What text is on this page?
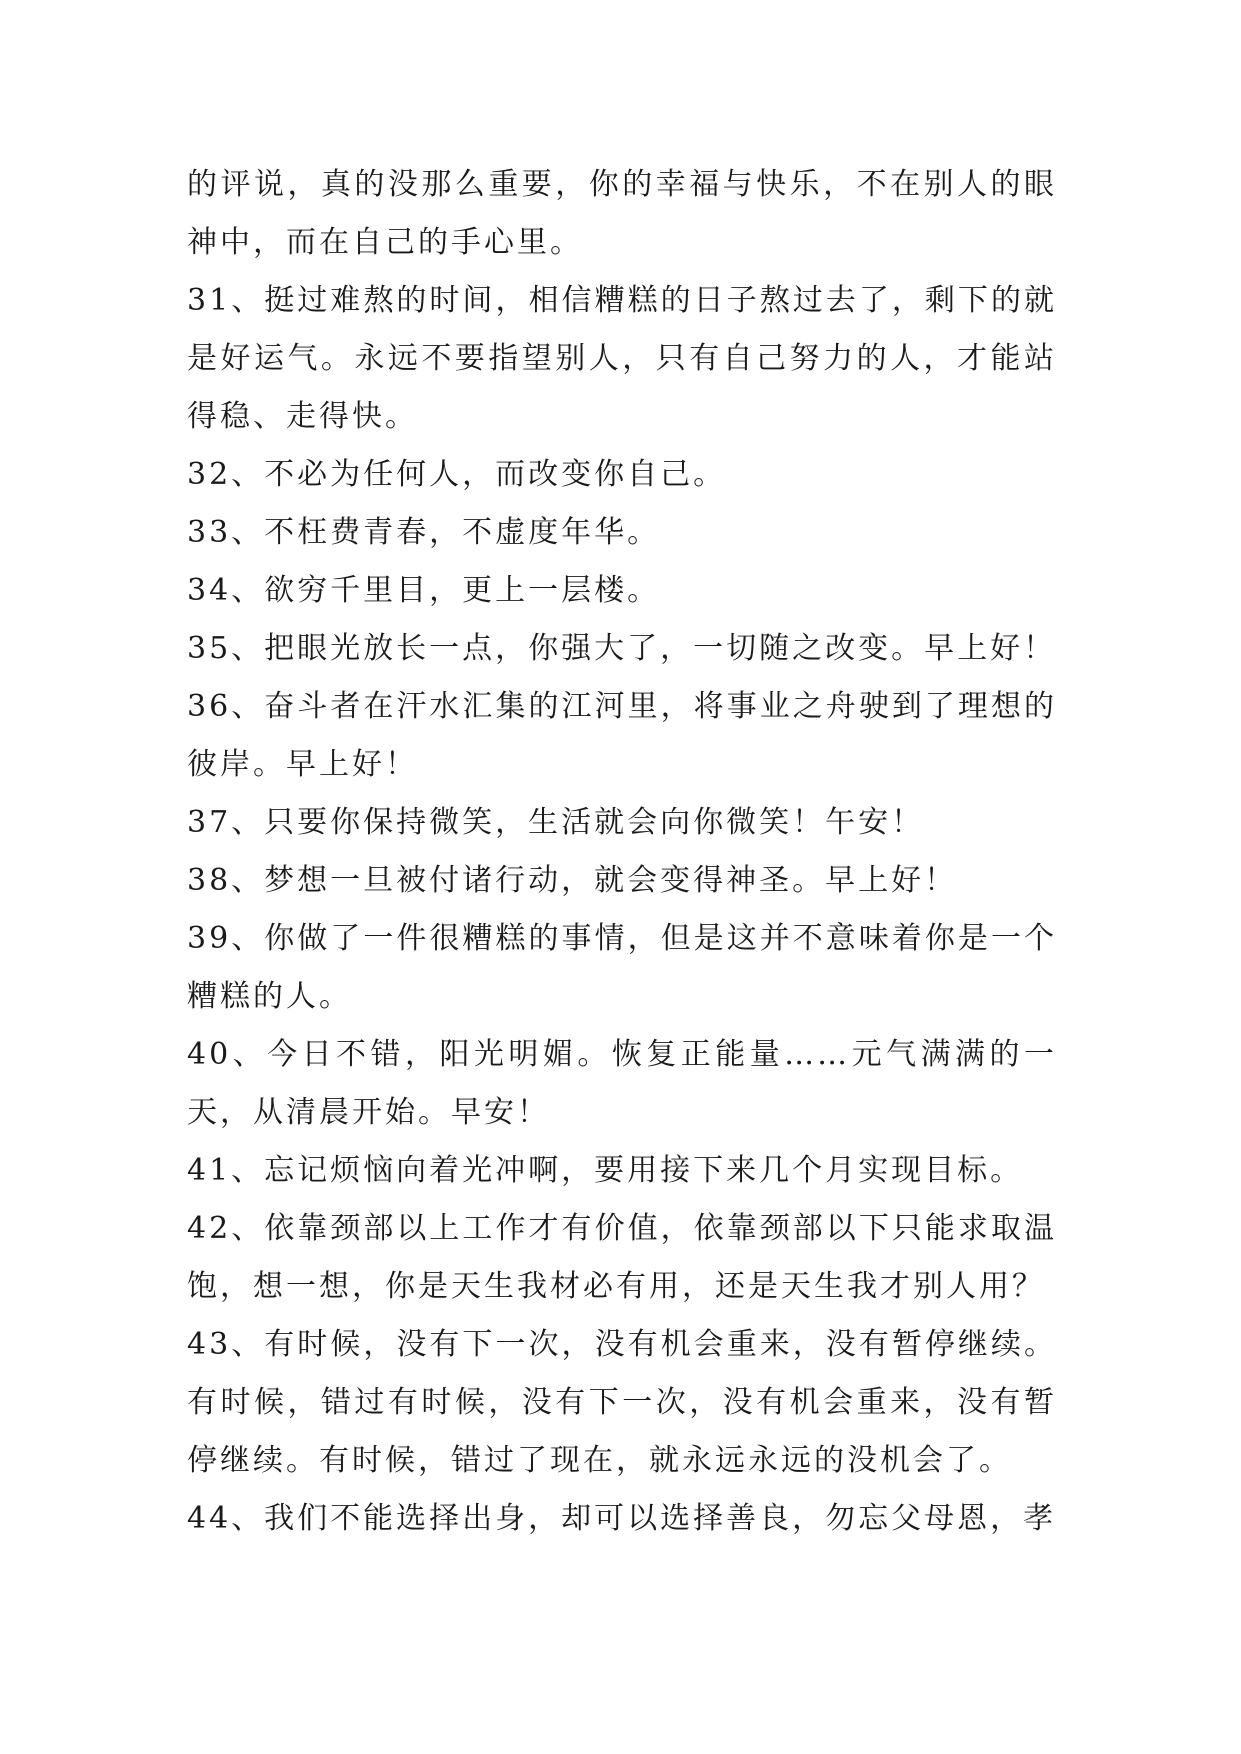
的评说，真的没那么重要，你的幸福与快乐，不在别人的眼神中，而在自己的手心里。

31、挺过难熬的时间，相信糟糕的日子熬过去了，剩下的就是好运气。永远不要指望别人，只有自己努力的人，才能站得稳、走得快。

32、不必为任何人，而改变你自己。

33、不枉费青春，不虚度年华。

34、欲穷千里目，更上一层楼。

35、把眼光放长一点，你强大了，一切随之改变。早上好！

36、奋斗者在汗水汇集的江河里，将事业之舟驶到了理想的彼岸。早上好！

37、只要你保持微笑，生活就会向你微笑！午安！

38、梦想一旦被付诸行动，就会变得神圣。早上好！

39、你做了一件很糟糕的事情，但是这并不意味着你是一个糟糕的人。

40、今日不错，阳光明媚。恢复正能量……元气满满的一天，从清晨开始。早安！

41、忘记烦恼向着光冲啊，要用接下来几个月实现目标。

42、依靠颈部以上工作才有价值，依靠颈部以下只能求取温饱，想一想，你是天生我材必有用，还是天生我才别人用？

43、有时候，没有下一次，没有机会重来，没有暂停继续。有时候，错过有时候，没有下一次，没有机会重来，没有暂停继续。有时候，错过了现在，就永远永远的没机会了。

44、我们不能选择出身，却可以选择善良，勿忘父母恩，孝
